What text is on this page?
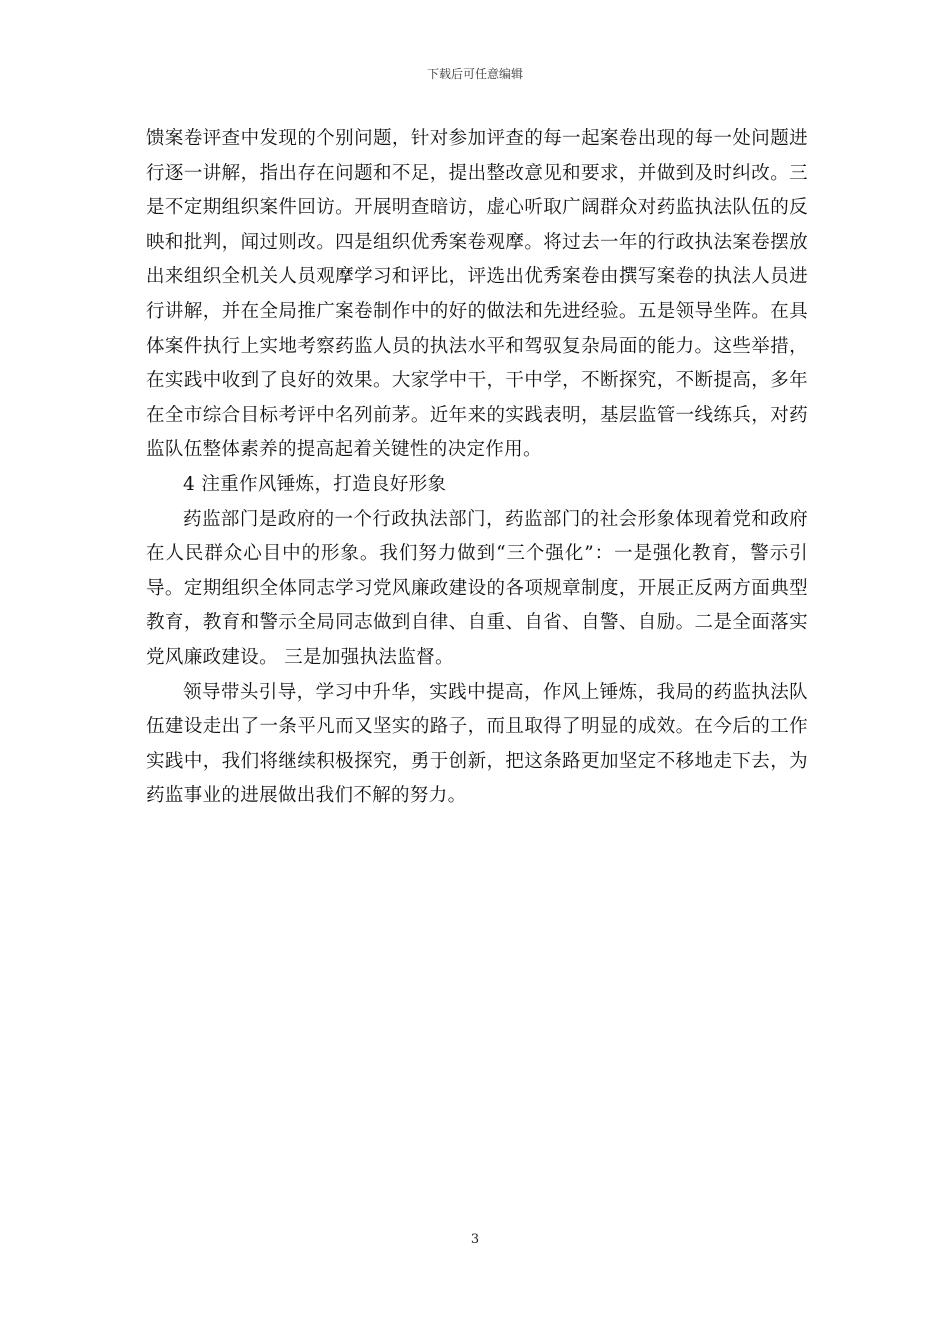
下载后可任意编辑

馈案卷评查中发现的个别问题，针对参加评查的每一起案卷出现的每一处问题进行逐一讲解，指出存在问题和不足，提出整改意见和要求，并做到及时纠改。三是不定期组织案件回访。开展明查暗访，虚心听取广阔群众对药监执法队伍的反映和批判，闻过则改。四是组织优秀案卷观摩。将过去一年的行政执法案卷摆放出来组织全机关人员观摩学习和评比，评选出优秀案卷由撰写案卷的执法人员进行讲解，并在全局推广案卷制作中的好的做法和先进经验。五是领导坐阵。在具体案件执行上实地考察药监人员的执法水平和驾驭复杂局面的能力。这些举措，在实践中收到了良好的效果。大家学中干，干中学，不断探究，不断提高，多年在全市综合目标考评中名列前茅。近年来的实践表明，基层监管一线练兵，对药监队伍整体素养的提高起着关键性的决定作用。

4 注重作风锤炼，打造良好形象

药监部门是政府的一个行政执法部门，药监部门的社会形象体现着党和政府在人民群众心目中的形象。我们努力做到“三个强化”：一是强化教育，警示引导。定期组织全体同志学习党风廉政建设的各项规章制度，开展正反两方面典型教育，教育和警示全局同志做到自律、自重、自省、自警、自励。二是全面落实党风廉政建设。 三是加强执法监督。

领导带头引导，学习中升华，实践中提高，作风上锤炼，我局的药监执法队伍建设走出了一条平凡而又坚实的路子，而且取得了明显的成效。在今后的工作实践中，我们将继续积极探究，勇于创新，把这条路更加坚定不移地走下去，为药监事业的进展做出我们不解的努力。

3
